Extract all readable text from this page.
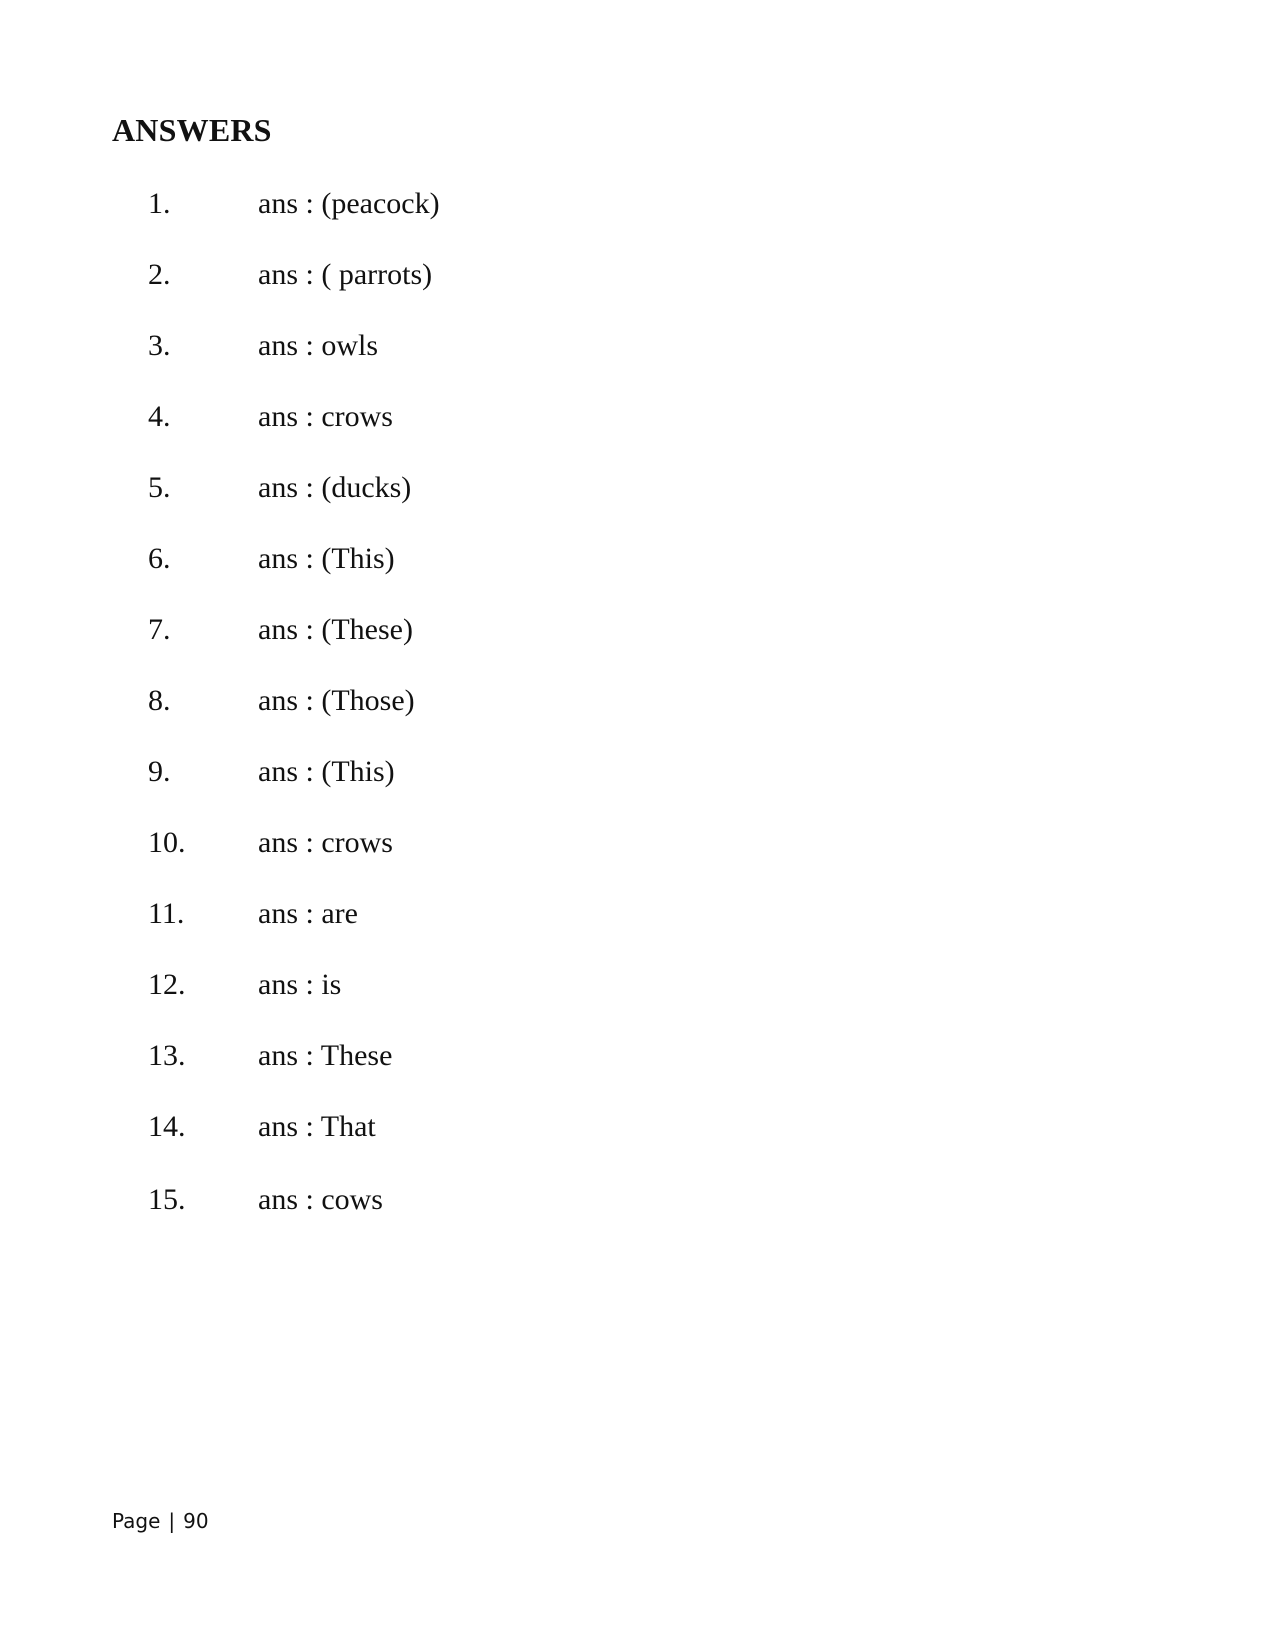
ANSWERS
1.	ans : (peacock)
2.	ans : ( parrots)
3.	ans : owls
4.	ans : crows
5.	ans : (ducks)
6.	ans : (This)
7.	ans : (These)
8.	ans : (Those)
9.	ans : (This)
10. ans : crows
11. ans : are
12. ans : is
13. ans : These
14. ans : That
15. ans : cows
Page | 90
